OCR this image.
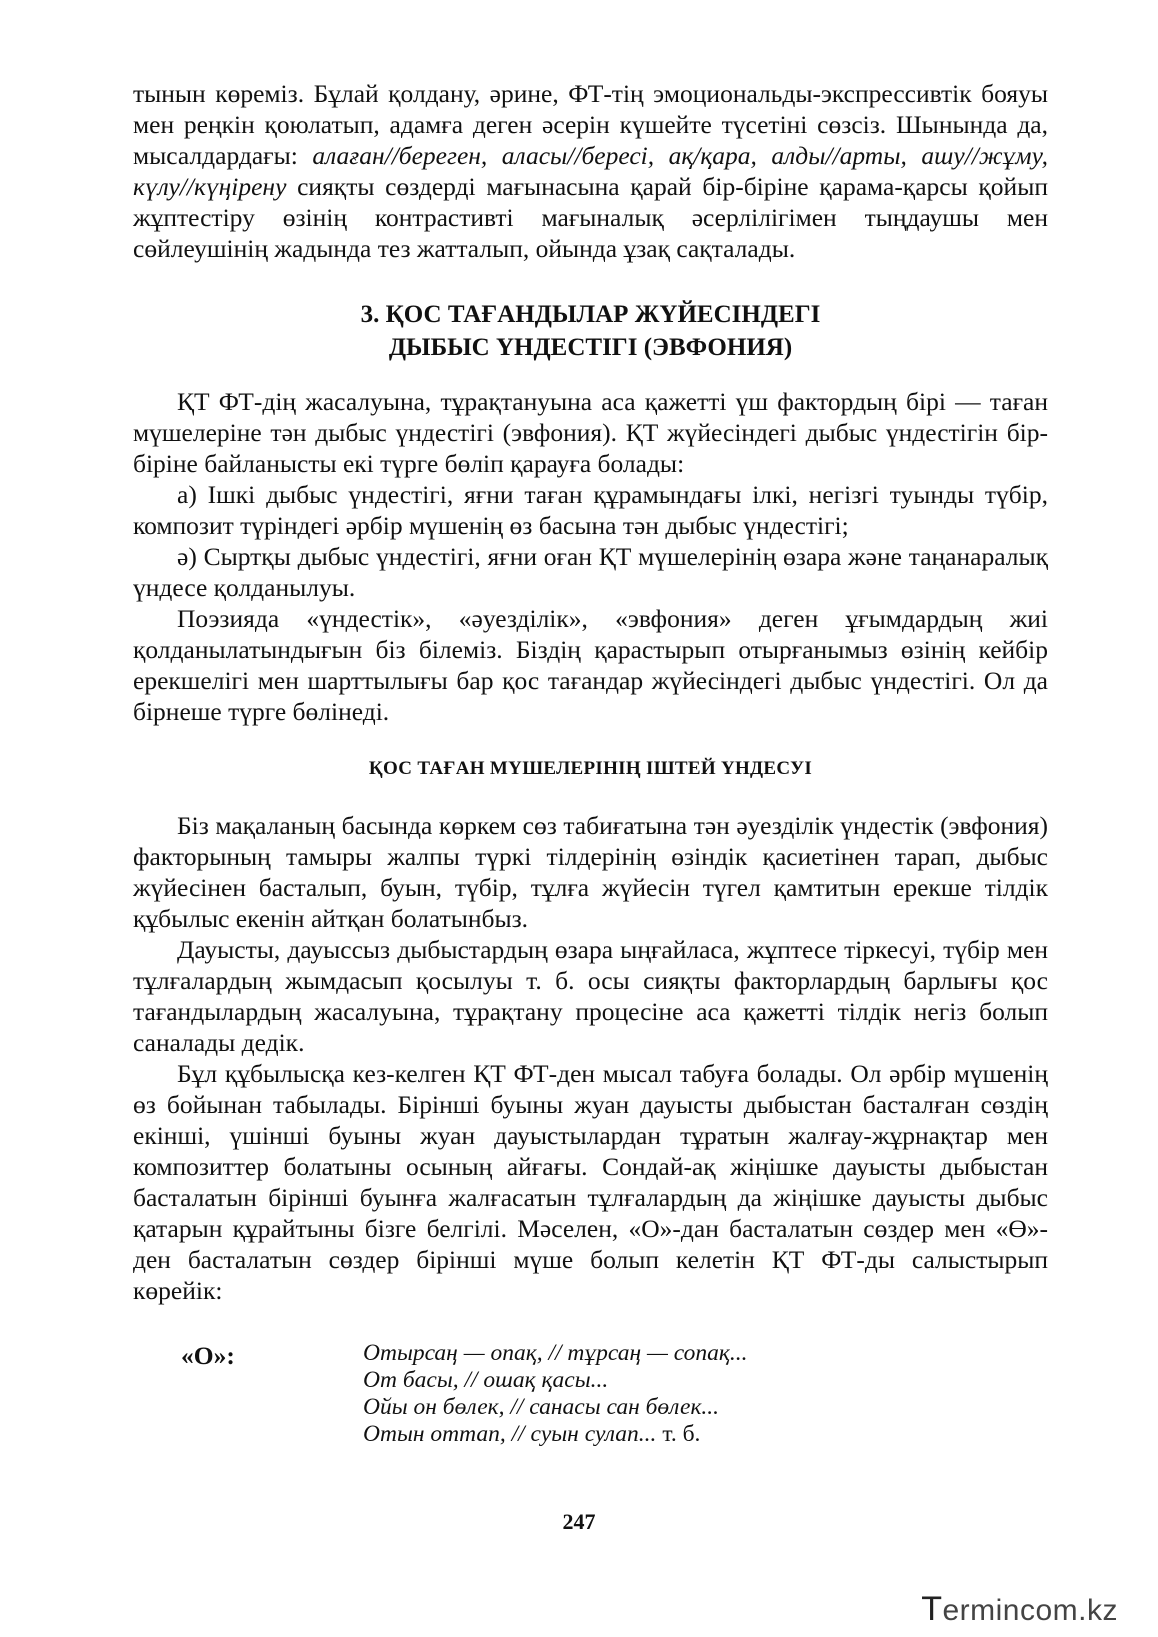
тынын көреміз. Бұлай қолдану, әрине, ФТ-тің эмоциональды-экспрессивтік бояуы мен реңкін қоюлатып, адамға деген әсерін күшейте түсетіні сөзсіз. Шынында да, мысалдардағы: алаған//береген, аласы//бересі, ақ/қара, алды//арты, ашу//жұму, күлу//күңірену сияқты сөздерді мағынасына қарай бір-біріне қарама-қарсы қойып жұптестіру өзінің контрастивті мағыналық әсерлілігімен тыңдаушы мен сөйлеушінің жадында тез жатталып, ойында ұзақ сақталады.

3. ҚОС ТАҒАНДЫЛАР ЖҮЙЕСІНДЕГІ
ДЫБЫС ҮНДЕСТІГІ (ЭВФОНИЯ)

ҚТ ФТ-дің жасалуына, тұрақтануына аса қажетті үш фактордың бірі — таған мүшелеріне тән дыбыс үндестігі (эвфония). ҚТ жүйесіндегі дыбыс үндестігін бір-біріне байланысты екі түрге бөліп қарауға болады:

а) Ішкі дыбыс үндестігі, яғни таған құрамындағы ілкі, негізгі туынды түбір, композит түріндегі әрбір мүшенің өз басына тән дыбыс үндестігі;

ә) Сыртқы дыбыс үндестігі, яғни оған ҚТ мүшелерінің өзара және таңанаралық үндесе қолданылуы.

Поэзияда «үндестік», «әуезділік», «эвфония» деген ұғымдардың жиі қолданылатындығын біз білеміз. Біздің қарастырып отырғанымыз өзінің кейбір ерекшелігі мен шарттылығы бар қос тағандар жүйесіндегі дыбыс үндестігі. Ол да бірнеше түрге бөлінеді.

ҚОС ТАҒАН МҮШЕЛЕРІНІҢ ІШТЕЙ ҮНДЕСУІ

Біз мақаланың басында көркем сөз табиғатына тән әуезділік үндестік (эвфония) факторының тамыры жалпы түркі тілдерінің өзіндік қасиетінен тарап, дыбыс жүйесінен басталып, буын, түбір, тұлға жүйесін түгел қамтитын ерекше тілдік құбылыс екенін айтқан болатынбыз.

Дауысты, дауыссыз дыбыстардың өзара ыңғайласа, жұптесе тіркесуі, түбір мен тұлғалардың жымдасып қосылуы т. б. осы сияқты факторлардың барлығы қос тағандылардың жасалуына, тұрақтану процесіне аса қажетті тілдік негіз болып саналады дедік.

Бұл құбылысқа кез-келген ҚТ ФТ-ден мысал табуға болады. Ол әрбір мүшенің өз бойынан табылады. Бірінші буыны жуан дауысты дыбыстан басталған сөздің екінші, үшінші буыны жуан дауыстылардан тұратын жалғау-жұрнақтар мен композиттер болатыны осының айғағы. Сондай-ақ жіңішке дауысты дыбыстан басталатын бірінші буынға жалғасатын тұлғалардың да жіңішке дауысты дыбыс қатарын құрайтыны бізге белгілі. Мәселен, «О»-дан басталатын сөздер мен «Ө»-ден басталатын сөздер бірінші мүше болып келетін ҚТ ФТ-ды салыстырып көрейік:

«О»:	Отырсаң — опақ, // тұрсаң — сопақ...
От басы, // ошақ қасы...
Ойы он бөлек, // санасы сан бөлек...
Отын оттап, // суын сулап... т. б.
247
Termincom.kz
